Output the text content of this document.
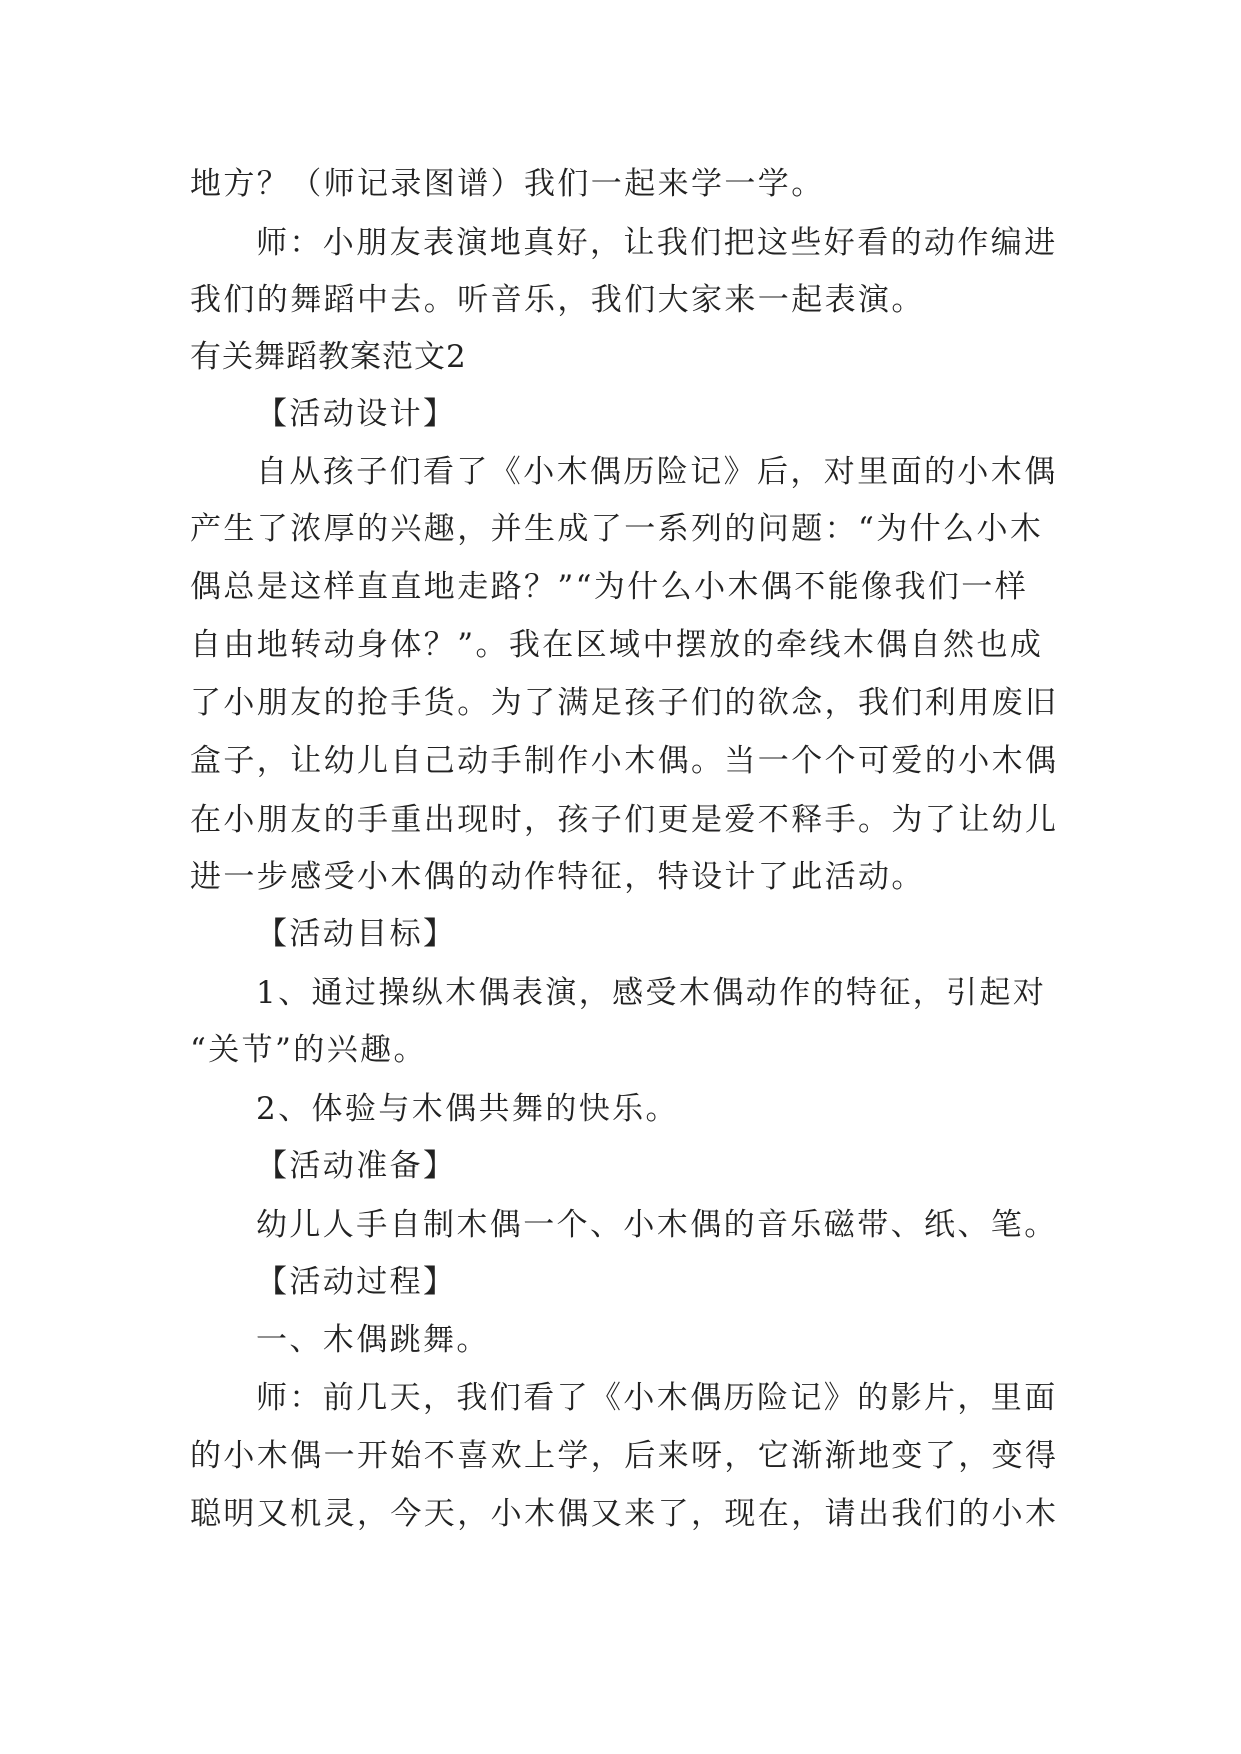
地方？（师记录图谱）我们一起来学一学。
师：小朋友表演地真好，让我们把这些好看的动作编进
我们的舞蹈中去。听音乐，我们大家来一起表演。
有关舞蹈教案范文2
【活动设计】
自从孩子们看了《小木偶历险记》后，对里面的小木偶
产生了浓厚的兴趣，并生成了一系列的问题：“为什么小木
偶总是这样直直地走路？”“为什么小木偶不能像我们一样
自由地转动身体？”。我在区域中摆放的牵线木偶自然也成
了小朋友的抢手货。为了满足孩子们的欲念，我们利用废旧
盒子，让幼儿自己动手制作小木偶。当一个个可爱的小木偶
在小朋友的手重出现时，孩子们更是爱不释手。为了让幼儿
进一步感受小木偶的动作特征，特设计了此活动。
【活动目标】
1、通过操纵木偶表演，感受木偶动作的特征，引起对
“关节”的兴趣。
2、体验与木偶共舞的快乐。
【活动准备】
幼儿人手自制木偶一个、小木偶的音乐磁带、纸、笔。
【活动过程】
一、木偶跳舞。
师：前几天，我们看了《小木偶历险记》的影片，里面
的小木偶一开始不喜欢上学，后来呀，它渐渐地变了，变得
聪明又机灵，今天，小木偶又来了，现在，请出我们的小木
